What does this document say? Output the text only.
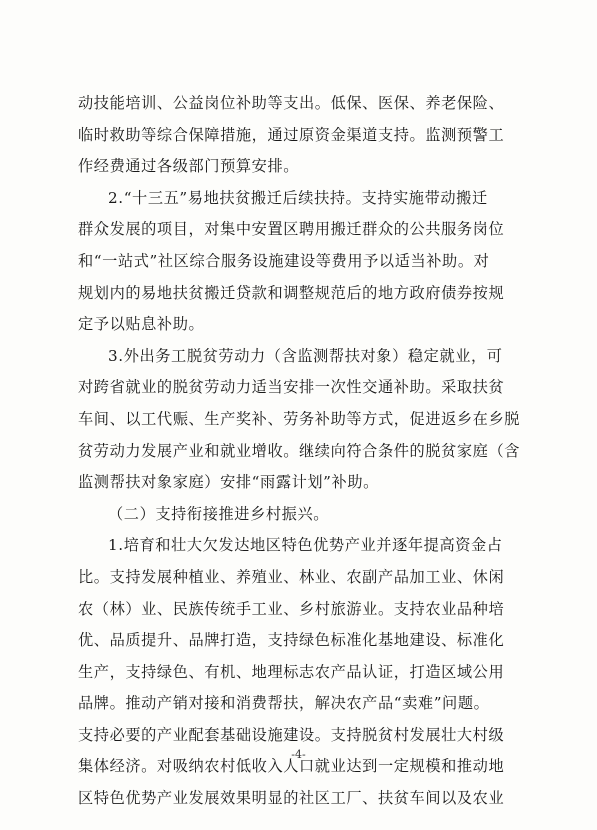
动技能培训、公益岗位补助等支出。低保、医保、养老保险、
临时救助等综合保障措施，通过原资金渠道支持。监测预警工
作经费通过各级部门预算安排。
2.“十三五”易地扶贫搬迁后续扶持。支持实施带动搬迁
群众发展的项目，对集中安置区聘用搬迁群众的公共服务岗位
和“一站式”社区综合服务设施建设等费用予以适当补助。对
规划内的易地扶贫搬迁贷款和调整规范后的地方政府债券按规
定予以贴息补助。
3.外出务工脱贫劳动力（含监测帮扶对象）稳定就业，可
对跨省就业的脱贫劳动力适当安排一次性交通补助。采取扶贫
车间、以工代赈、生产奖补、劳务补助等方式，促进返乡在乡脱
贫劳动力发展产业和就业增收。继续向符合条件的脱贫家庭（含
监测帮扶对象家庭）安排“雨露计划”补助。
（二）支持衔接推进乡村振兴。
1.培育和壮大欠发达地区特色优势产业并逐年提高资金占
比。支持发展种植业、养殖业、林业、农副产品加工业、休闲
农（林）业、民族传统手工业、乡村旅游业。支持农业品种培
优、品质提升、品牌打造，支持绿色标准化基地建设、标准化
生产，支持绿色、有机、地理标志农产品认证，打造区域公用
品牌。推动产销对接和消费帮扶，解决农产品“卖难”问题。
支持必要的产业配套基础设施建设。支持脱贫村发展壮大村级
集体经济。对吸纳农村低收入人口就业达到一定规模和推动地
区特色优势产业发展效果明显的社区工厂、扶贫车间以及农业
-4-
